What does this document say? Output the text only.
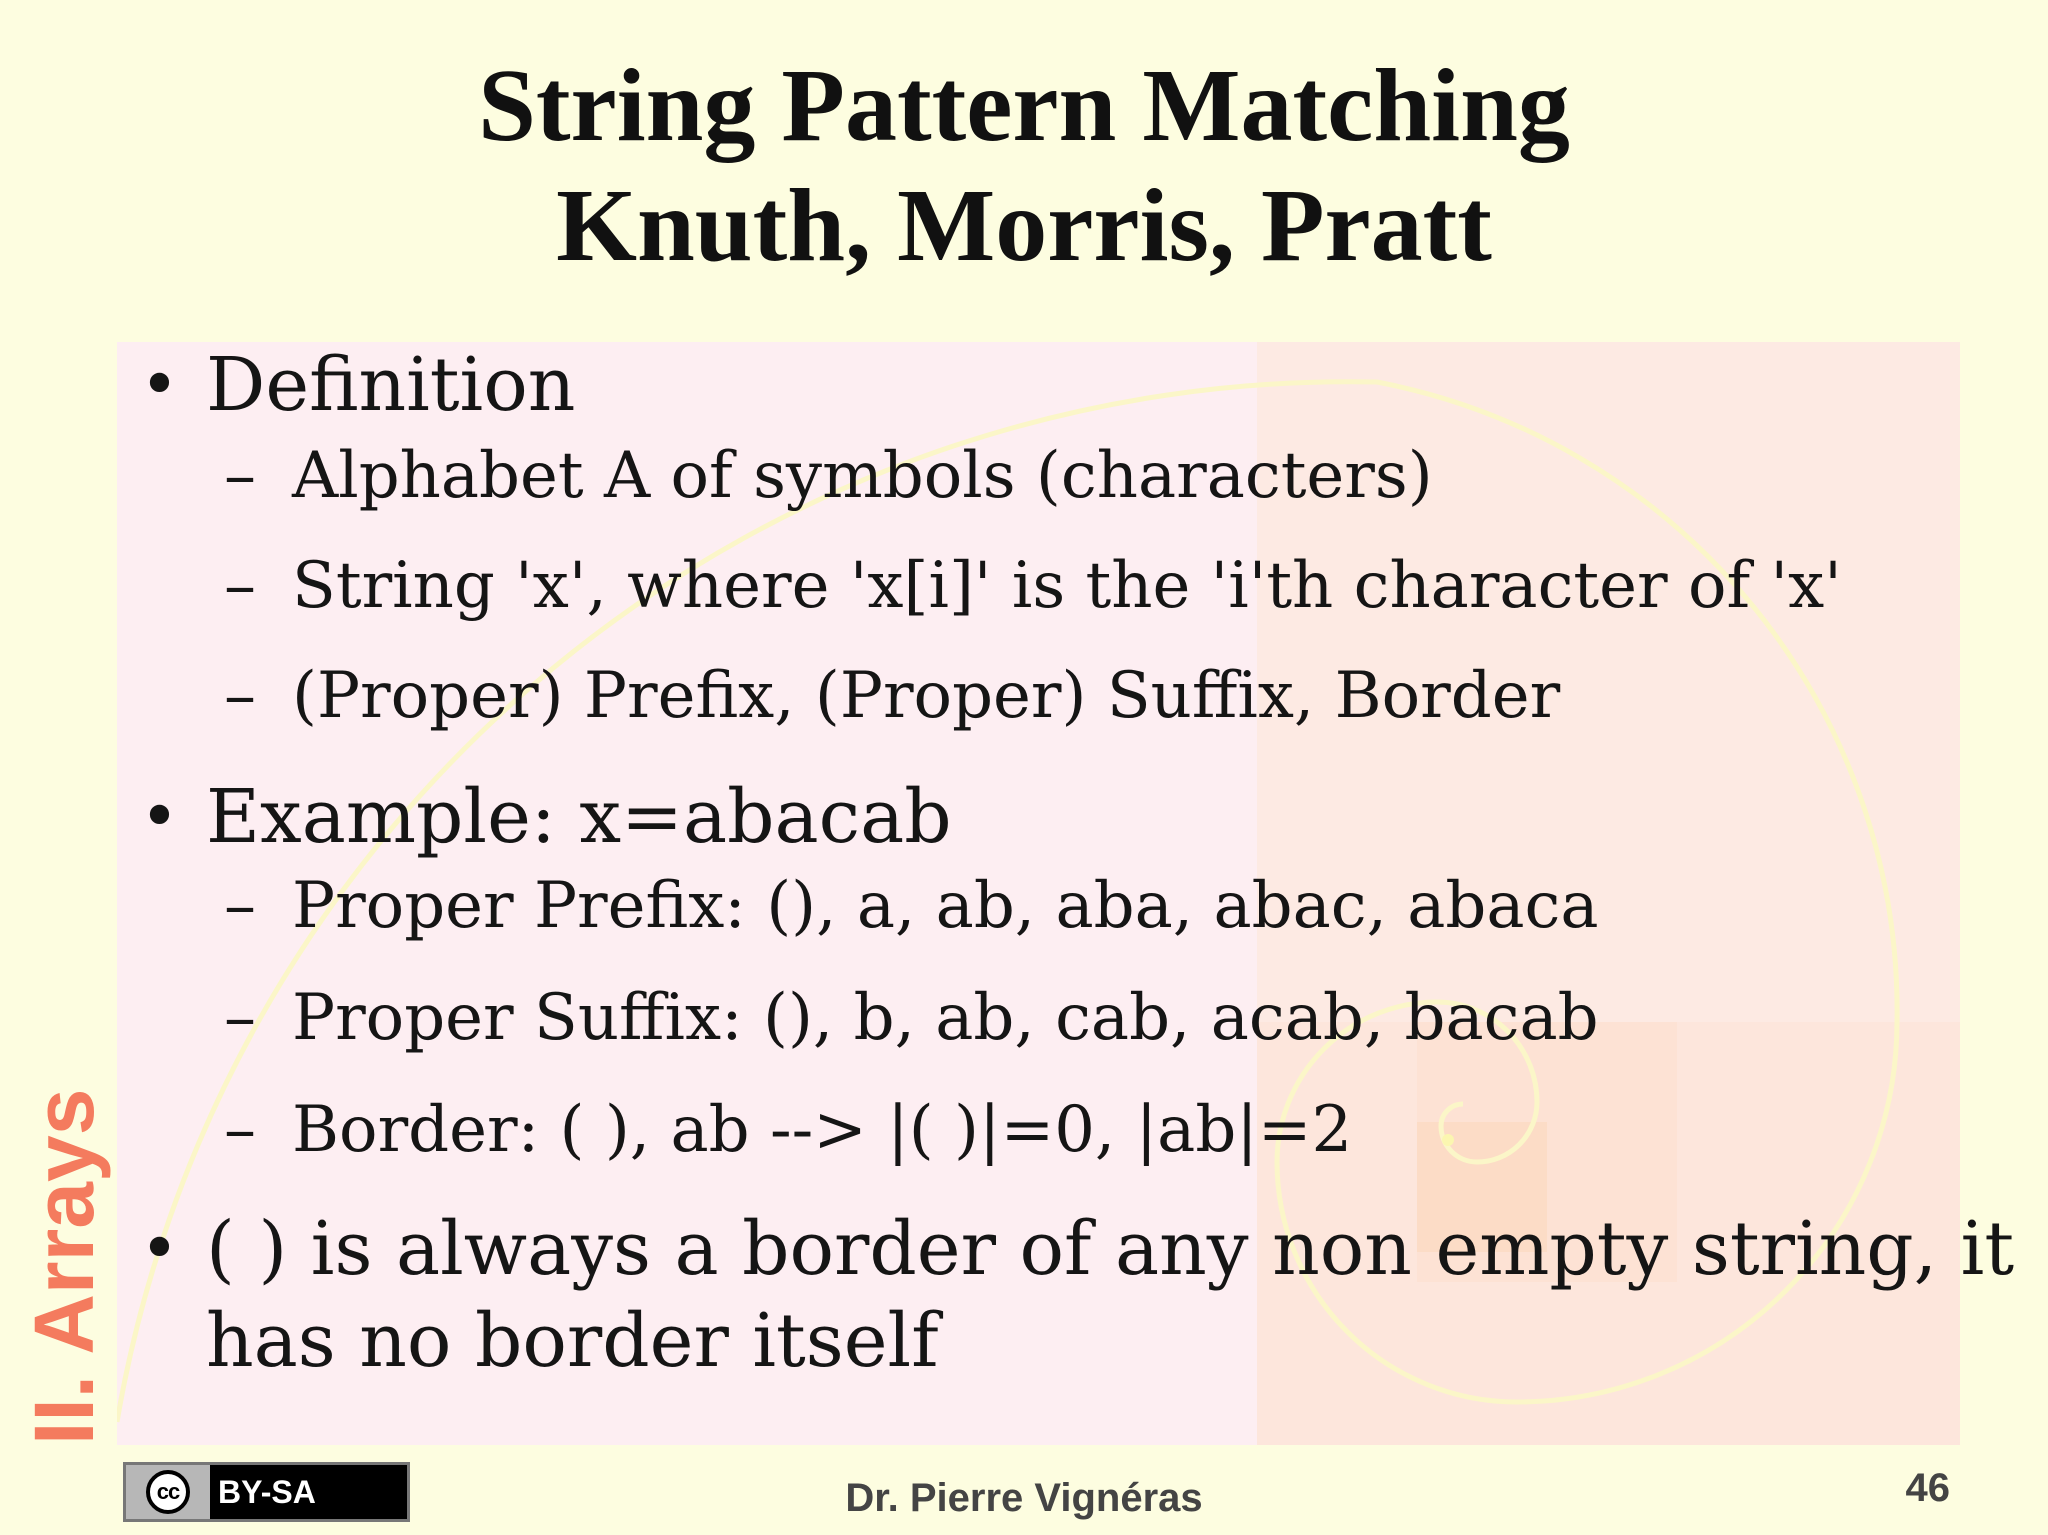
String Pattern Matching
Knuth, Morris, Pratt
• Definition
– Alphabet A of symbols (characters)
– String 'x', where 'x[i]' is the 'i'th character of 'x'
– (Proper) Prefix, (Proper) Suffix, Border
• Example: x=abacab
– Proper Prefix: (), a, ab, aba, abac, abaca
– Proper Suffix: (), b, ab, cab, acab, bacab
– Border: ( ), ab --> |( )|=0, |ab|=2
• ( ) is always a border of any non empty string, it
has no border itself
II. Arrays
cc	BY-SA	Dr. Pierre Vignéras	46
